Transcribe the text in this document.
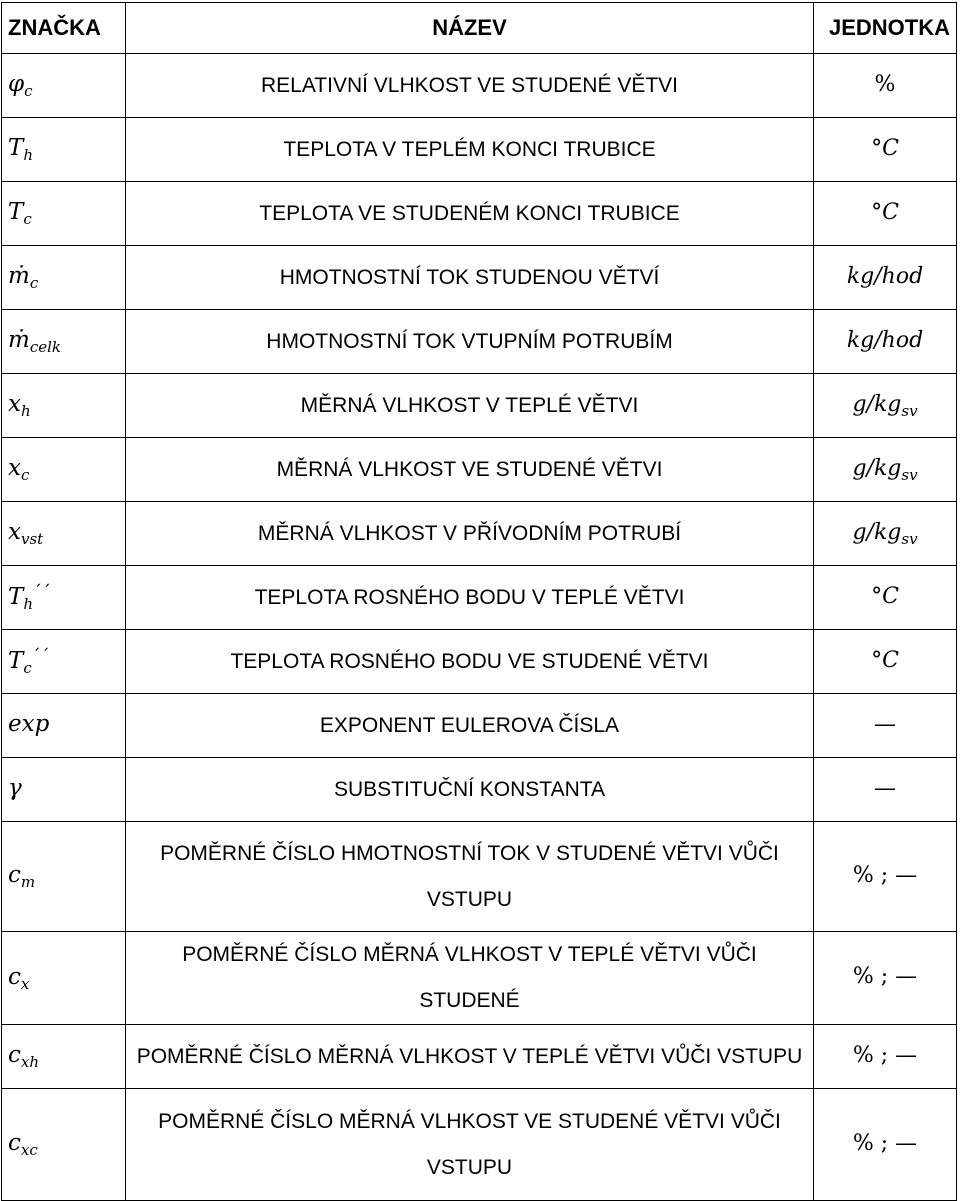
ZNAČKA	NÁZEV	JEDNOTKA
$\varphi_c$	RELATIVNÍ VLHKOST VE STUDENÉ VĚTVI	%
$T_h$	TEPLOTA V TEPLÉM KONCI TRUBICE	°C
$T_c$	TEPLOTA VE STUDENÉM KONCI TRUBICE	°C
ṁ$_c$	HMOTNOSTNÍ TOK STUDENOU VĚTVÍ	kg/hod
ṁ$_{celk}$	HMOTNOSTNÍ TOK VTUPNÍM POTRUBÍM	kg/hod
$x_h$	MĚRNÁ VLHKOST V TEPLÉ VĚTVI	$g/kg_{sv}$
$x_c$	MĚRNÁ VLHKOST VE STUDENÉ VĚTVI	$g/kg_{sv}$
$x_{vst}$	MĚRNÁ VLHKOST V PŘÍVODNÍM POTRUBÍ	$g/kg_{sv}$
$T_h^{´´}$	TEPLOTA ROSNÉHO BODU V TEPLÉ VĚTVI	°C
$T_c^{´´}$	TEPLOTA ROSNÉHO BODU VE STUDENÉ VĚTVI	°C
exp	EXPONENT EULEROVA ČÍSLA	—
γ	SUBSTITUČNÍ KONSTANTA	—
$c_m$	POMĚRNÉ ČÍSLO HMOTNOSTNÍ TOK V STUDENÉ VĚTVI VŮČI VSTUPU	% ; —
$c_x$	POMĚRNÉ ČÍSLO MĚRNÁ VLHKOST V TEPLÉ VĚTVI VŮČI STUDENÉ	% ; —
$c_{xh}$	POMĚRNÉ ČÍSLO MĚRNÁ VLHKOST V TEPLÉ VĚTVI VŮČI VSTUPU	% ; —
$c_{xc}$	POMĚRNÉ ČÍSLO MĚRNÁ VLHKOST VE STUDENÉ VĚTVI VŮČI VSTUPU	% ; —
